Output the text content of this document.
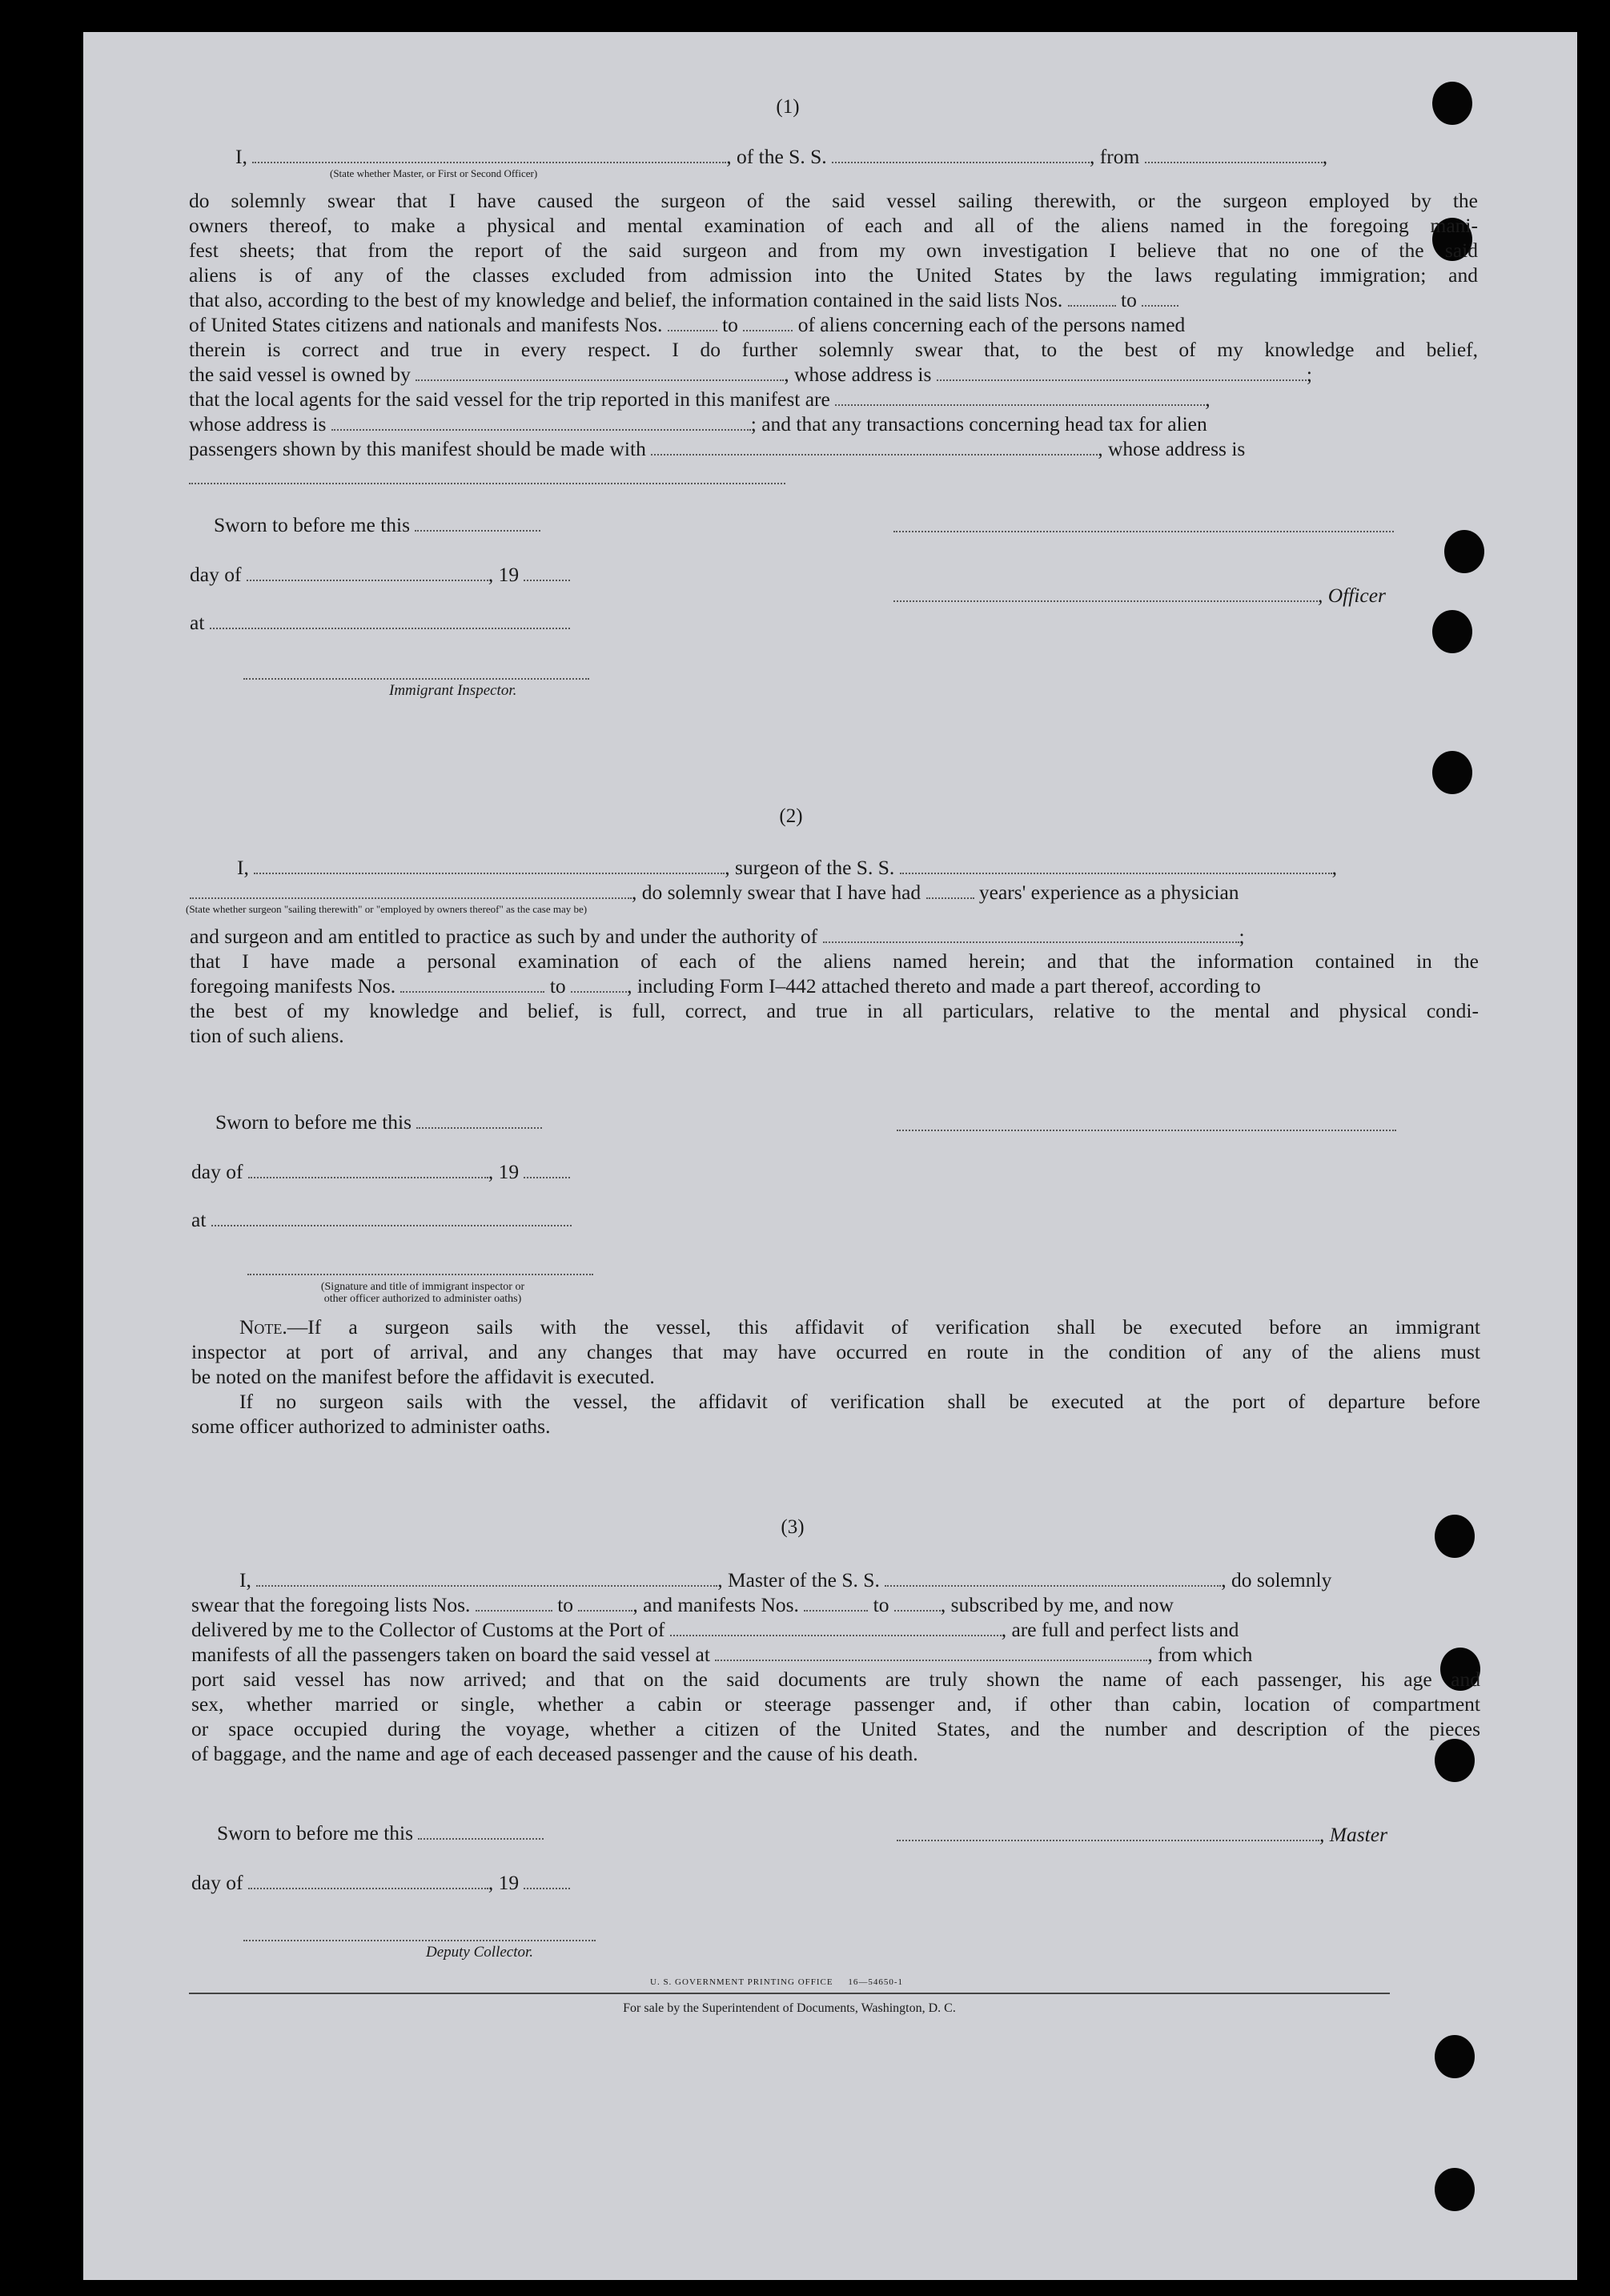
(1)
I,	, of the S. S.	, from	,
(State whether Master, or First or Second Officer)
do solemnly swear that I have caused the surgeon of the said vessel sailing therewith, or the surgeon employed by the
owners thereof, to make a physical and mental examination of each and all of the aliens named in the foregoing mani-
fest sheets; that from the report of the said surgeon and from my own investigation I believe that no one of the said
aliens is of any of the classes excluded from admission into the United States by the laws regulating immigration; and
that also, according to the best of my knowledge and belief, the information contained in the said lists Nos.	to
of United States citizens and nationals and manifests Nos.	to	of aliens concerning each of the persons named
therein is correct and true in every respect. I do further solemnly swear that, to the best of my knowledge and belief,
the said vessel is owned by	, whose address is	;
that the local agents for the said vessel for the trip reported in this manifest are	,
whose address is	; and that any transactions concerning head tax for alien
passengers shown by this manifest should be made with	, whose address is
Sworn to before me this
day of	, 19
, Officer
at
Immigrant Inspector.
(2)
I,	, surgeon of the S. S.	,
, do solemnly swear that I have had	years' experience as a physician
(State whether surgeon "sailing therewith" or "employed by owners thereof" as the case may be)
and surgeon and am entitled to practice as such by and under the authority of	;
that I have made a personal examination of each of the aliens named herein; and that the information contained in the
foregoing manifests Nos.	to	, including Form I–442 attached thereto and made a part thereof, according to
the best of my knowledge and belief, is full, correct, and true in all particulars, relative to the mental and physical condi-
tion of such aliens.
Sworn to before me this
day of	, 19
at
(Signature and title of immigrant inspector or
other officer authorized to administer oaths)
Note.—If a surgeon sails with the vessel, this affidavit of verification shall be executed before an immigrant
inspector at port of arrival, and any changes that may have occurred en route in the condition of any of the aliens must
be noted on the manifest before the affidavit is executed.
If no surgeon sails with the vessel, the affidavit of verification shall be executed at the port of departure before
some officer authorized to administer oaths.
(3)
I,	, Master of the S. S.	, do solemnly
swear that the foregoing lists Nos.	to	, and manifests Nos.	to	, subscribed by me, and now
delivered by me to the Collector of Customs at the Port of	, are full and perfect lists and
manifests of all the passengers taken on board the said vessel at	, from which
port said vessel has now arrived; and that on the said documents are truly shown the name of each passenger, his age and
sex, whether married or single, whether a cabin or steerage passenger and, if other than cabin, location of compartment
or space occupied during the voyage, whether a citizen of the United States, and the number and description of the pieces
of baggage, and the name and age of each deceased passenger and the cause of his death.
Sworn to before me this	, Master
day of	, 19
Deputy Collector.
U. S. GOVERNMENT PRINTING OFFICE     16—54650-1
For sale by the Superintendent of Documents, Washington, D. C.
